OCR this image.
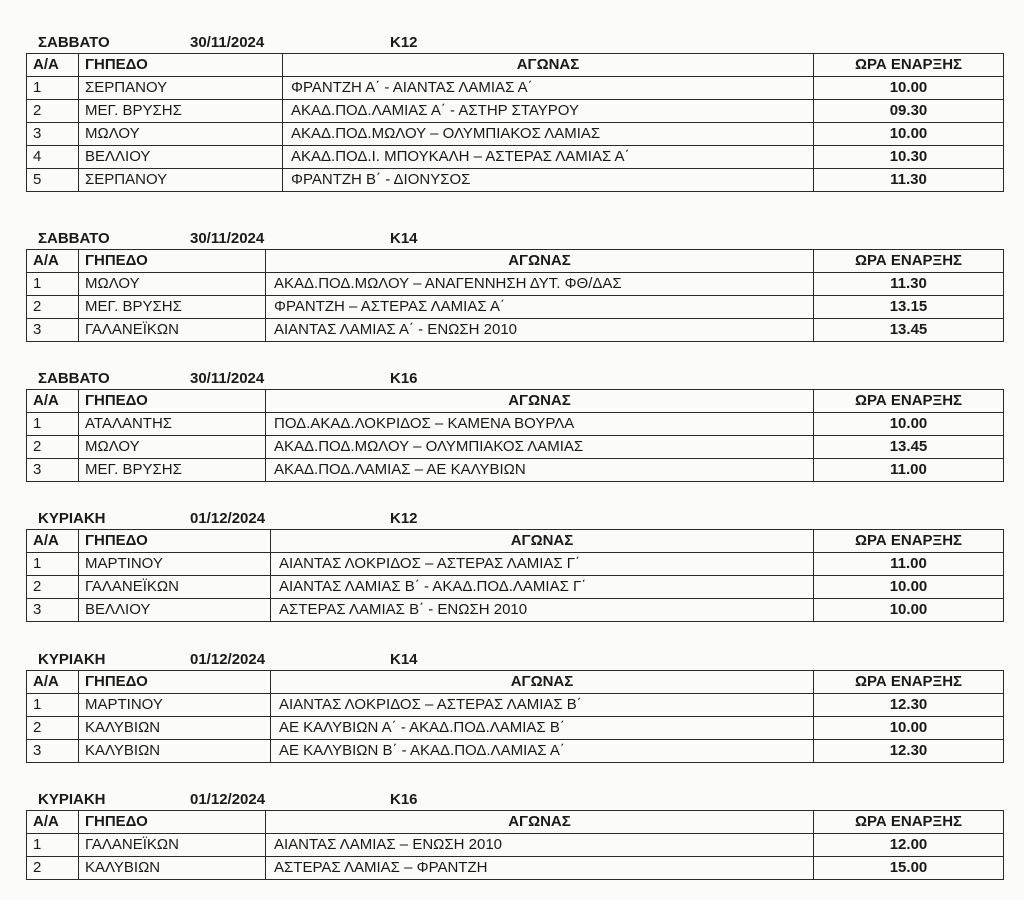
ΣΑΒΒΑΤΟ	30/11/2024	Κ12
Α/Α	ΓΗΠΕΔΟ	ΑΓΩΝΑΣ	ΩΡΑ ΕΝΑΡΞΗΣ
1	ΣΕΡΠΑΝΟΥ	ΦΡΑΝΤΖΗ Α΄ - ΑΙΑΝΤΑΣ ΛΑΜΙΑΣ Α΄	10.00
2	ΜΕΓ. ΒΡΥΣΗΣ	ΑΚΑΔ.ΠΟΔ.ΛΑΜΙΑΣ Α΄ - ΑΣΤΗΡ ΣΤΑΥΡΟΥ	09.30
3	ΜΩΛΟΥ	ΑΚΑΔ.ΠΟΔ.ΜΩΛΟΥ – ΟΛΥΜΠΙΑΚΟΣ ΛΑΜΙΑΣ	10.00
4	ΒΕΛΛΙΟΥ	ΑΚΑΔ.ΠΟΔ.Ι. ΜΠΟΥΚΑΛΗ – ΑΣΤΕΡΑΣ ΛΑΜΙΑΣ Α΄	10.30
5	ΣΕΡΠΑΝΟΥ	ΦΡΑΝΤΖΗ Β΄ - ΔΙΟΝΥΣΟΣ	11.30
ΣΑΒΒΑΤΟ	30/11/2024	Κ14
Α/Α	ΓΗΠΕΔΟ	ΑΓΩΝΑΣ	ΩΡΑ ΕΝΑΡΞΗΣ
1	ΜΩΛΟΥ	ΑΚΑΔ.ΠΟΔ.ΜΩΛΟΥ – ΑΝΑΓΕΝΝΗΣΗ ΔΥΤ. ΦΘ/ΔΑΣ	11.30
2	ΜΕΓ. ΒΡΥΣΗΣ	ΦΡΑΝΤΖΗ – ΑΣΤΕΡΑΣ ΛΑΜΙΑΣ Α΄	13.15
3	ΓΑΛΑΝΕΪΚΩΝ	ΑΙΑΝΤΑΣ ΛΑΜΙΑΣ Α΄ - ΕΝΩΣΗ 2010	13.45
ΣΑΒΒΑΤΟ	30/11/2024	Κ16
Α/Α	ΓΗΠΕΔΟ	ΑΓΩΝΑΣ	ΩΡΑ ΕΝΑΡΞΗΣ
1	ΑΤΑΛΑΝΤΗΣ	ΠΟΔ.ΑΚΑΔ.ΛΟΚΡΙΔΟΣ – ΚΑΜΕΝΑ ΒΟΥΡΛΑ	10.00
2	ΜΩΛΟΥ	ΑΚΑΔ.ΠΟΔ.ΜΩΛΟΥ – ΟΛΥΜΠΙΑΚΟΣ ΛΑΜΙΑΣ	13.45
3	ΜΕΓ. ΒΡΥΣΗΣ	ΑΚΑΔ.ΠΟΔ.ΛΑΜΙΑΣ – ΑΕ ΚΑΛΥΒΙΩΝ	11.00
ΚΥΡΙΑΚΗ	01/12/2024	Κ12
Α/Α	ΓΗΠΕΔΟ	ΑΓΩΝΑΣ	ΩΡΑ ΕΝΑΡΞΗΣ
1	ΜΑΡΤΙΝΟΥ	ΑΙΑΝΤΑΣ ΛΟΚΡΙΔΟΣ – ΑΣΤΕΡΑΣ ΛΑΜΙΑΣ Γ΄	11.00
2	ΓΑΛΑΝΕΪΚΩΝ	ΑΙΑΝΤΑΣ ΛΑΜΙΑΣ Β΄ - ΑΚΑΔ.ΠΟΔ.ΛΑΜΙΑΣ Γ΄	10.00
3	ΒΕΛΛΙΟΥ	ΑΣΤΕΡΑΣ ΛΑΜΙΑΣ Β΄ - ΕΝΩΣΗ 2010	10.00
ΚΥΡΙΑΚΗ	01/12/2024	Κ14
Α/Α	ΓΗΠΕΔΟ	ΑΓΩΝΑΣ	ΩΡΑ ΕΝΑΡΞΗΣ
1	ΜΑΡΤΙΝΟΥ	ΑΙΑΝΤΑΣ ΛΟΚΡΙΔΟΣ – ΑΣΤΕΡΑΣ ΛΑΜΙΑΣ Β΄	12.30
2	ΚΑΛΥΒΙΩΝ	ΑΕ ΚΑΛΥΒΙΩΝ Α΄ - ΑΚΑΔ.ΠΟΔ.ΛΑΜΙΑΣ Β΄	10.00
3	ΚΑΛΥΒΙΩΝ	ΑΕ ΚΑΛΥΒΙΩΝ Β΄ - ΑΚΑΔ.ΠΟΔ.ΛΑΜΙΑΣ Α΄	12.30
ΚΥΡΙΑΚΗ	01/12/2024	Κ16
Α/Α	ΓΗΠΕΔΟ	ΑΓΩΝΑΣ	ΩΡΑ ΕΝΑΡΞΗΣ
1	ΓΑΛΑΝΕΪΚΩΝ	ΑΙΑΝΤΑΣ ΛΑΜΙΑΣ – ΕΝΩΣΗ 2010	12.00
2	ΚΑΛΥΒΙΩΝ	ΑΣΤΕΡΑΣ ΛΑΜΙΑΣ – ΦΡΑΝΤΖΗ	15.00
